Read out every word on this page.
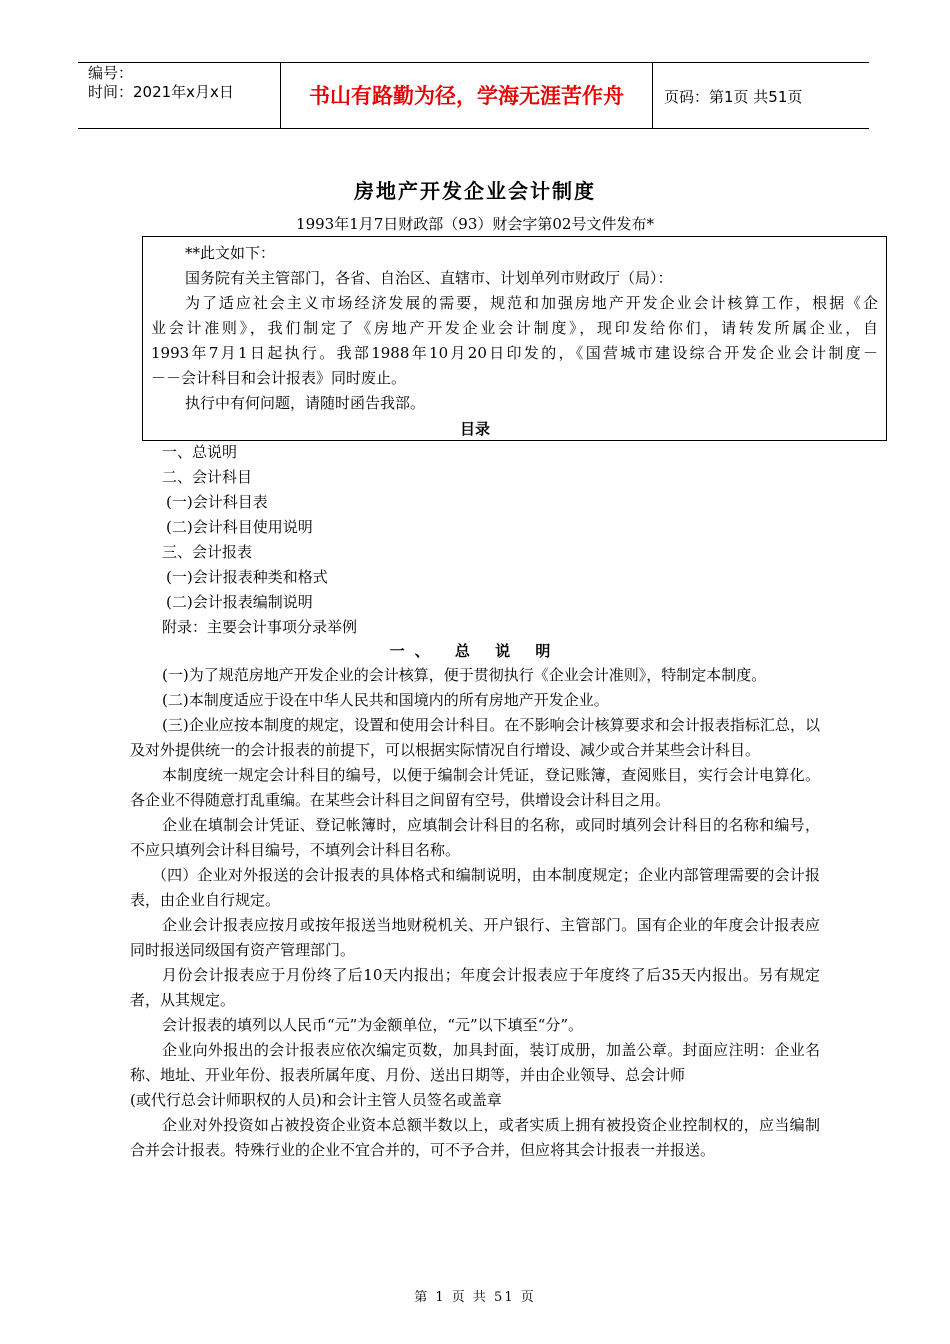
编号：
时间：2021年x月x日	书山有路勤为径，学海无涯苦作舟	页码：第1页 共51页
房地产开发企业会计制度
1993年1月7日财政部（93）财会字第02号文件发布*

**此文如下：

国务院有关主管部门，各省、自治区、直辖市、计划单列市财政厅（局）：

为了适应社会主义市场经济发展的需要，规范和加强房地产开发企业会计核算工作，根据《企

业会计准则》，我们制定了《房地产开发企业会计制度》，现印发给你们，请转发所属企业，自

1993年7月1日起执行。我部1988年10月20日印发的，《国营城市建设综合开发企业会计制度－

－－会计科目和会计报表》同时废止。

执行中有何问题，请随时函告我部。

目录
一、总说明
二、会计科目
(一)会计科目表
(二)会计科目使用说明
三、会计报表
(一)会计报表种类和格式
(二)会计报表编制说明
附录：主要会计事项分录举例
一、 总 说 明

(一)为了规范房地产开发企业的会计核算，便于贯彻执行《企业会计准则》，特制定本制度。

(二)本制度适应于设在中华人民共和国境内的所有房地产开发企业。

(三)企业应按本制度的规定，设置和使用会计科目。在不影响会计核算要求和会计报表指标汇总，以及对外提供统一的会计报表的前提下，可以根据实际情况自行增设、减少或合并某些会计科目。

本制度统一规定会计科目的编号，以便于编制会计凭证，登记账簿，查阅账目，实行会计电算化。各企业不得随意打乱重编。在某些会计科目之间留有空号，供增设会计科目之用。

企业在填制会计凭证、登记帐簿时，应填制会计科目的名称，或同时填列会计科目的名称和编号，不应只填列会计科目编号，不填列会计科目名称。

（四）企业对外报送的会计报表的具体格式和编制说明，由本制度规定；企业内部管理需要的会计报表，由企业自行规定。

企业会计报表应按月或按年报送当地财税机关、开户银行、主管部门。国有企业的年度会计报表应同时报送同级国有资产管理部门。

月份会计报表应于月份终了后10天内报出；年度会计报表应于年度终了后35天内报出。另有规定者，从其规定。

会计报表的填列以人民币“元”为金额单位，“元”以下填至“分”。

企业向外报出的会计报表应依次编定页数，加具封面，装订成册，加盖公章。封面应注明：企业名称、地址、开业年份、报表所属年度、月份、送出日期等，并由企业领导、总会计师

(或代行总会计师职权的人员)和会计主管人员签名或盖章

企业对外投资如占被投资企业资本总额半数以上，或者实质上拥有被投资企业控制权的，应当编制合并会计报表。特殊行业的企业不宜合并的，可不予合并，但应将其会计报表一并报送。

第 1 页 共 51 页
